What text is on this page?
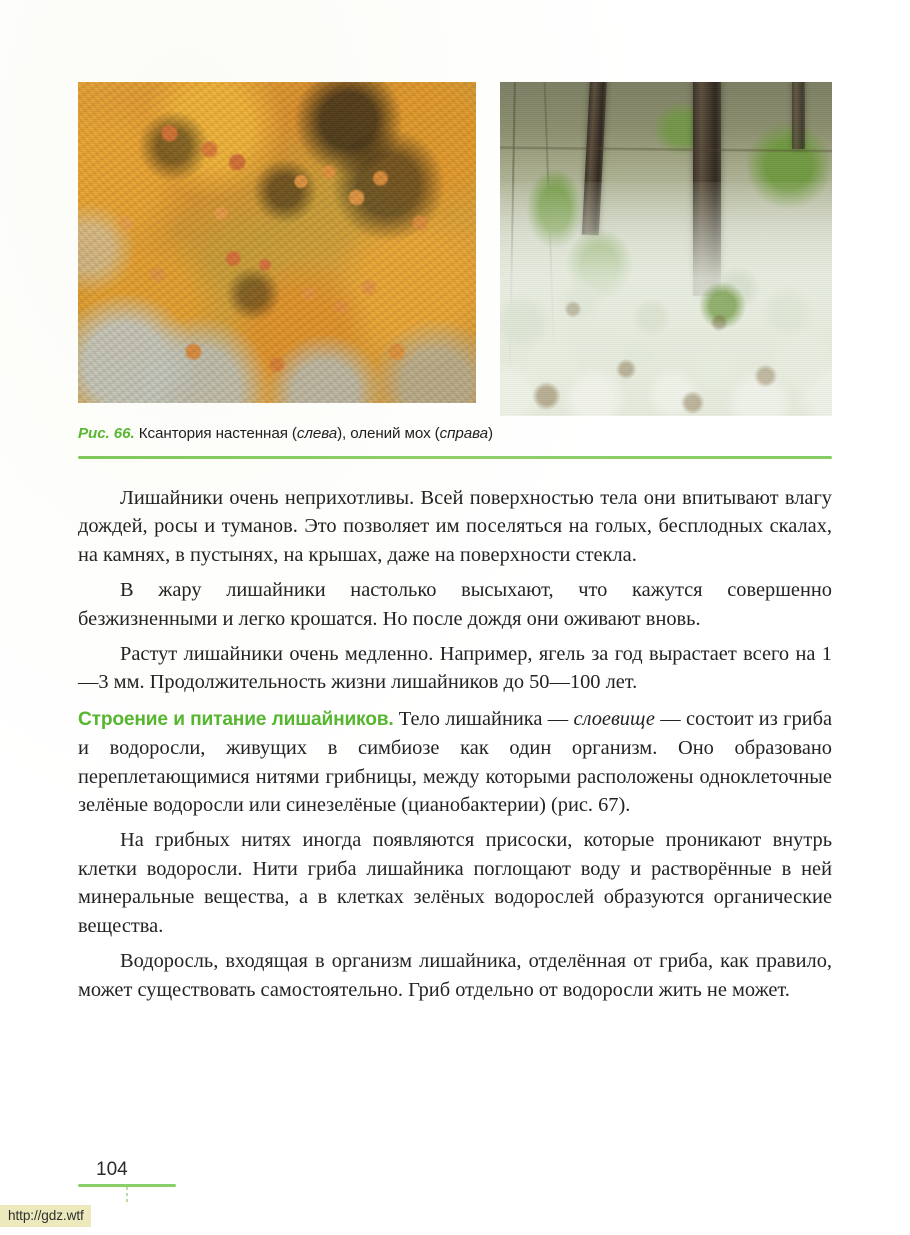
Рис. 66. Ксантория настенная (слева), олений мох (справа)

Лишайники очень неприхотливы. Всей поверхностью тела они впитывают влагу дождей, росы и туманов. Это позволяет им поселяться на голых, бесплодных скалах, на камнях, в пустынях, на крышах, даже на поверхности стекла.

В жару лишайники настолько высыхают, что кажутся совершенно безжизненными и легко крошатся. Но после дождя они оживают вновь.

Растут лишайники очень медленно. Например, ягель за год вырастает всего на 1—3 мм. Продолжительность жизни лишайников до 50—100 лет.

Строение и питание лишайников. Тело лишайника — слоевище — состоит из гриба и водоросли, живущих в симбиозе как один организм. Оно образовано переплетающимися нитями грибницы, между которыми расположены одноклеточные зелёные водоросли или синезелёные (цианобактерии) (рис. 67).

На грибных нитях иногда появляются присоски, которые проникают внутрь клетки водоросли. Нити гриба лишайника поглощают воду и растворённые в ней минеральные вещества, а в клетках зелёных водорослей образуются органические вещества.

Водоросль, входящая в организм лишайника, отделённая от гриба, как правило, может существовать самостоятельно. Гриб отдельно от водоросли жить не может.

104
http://gdz.wtf
